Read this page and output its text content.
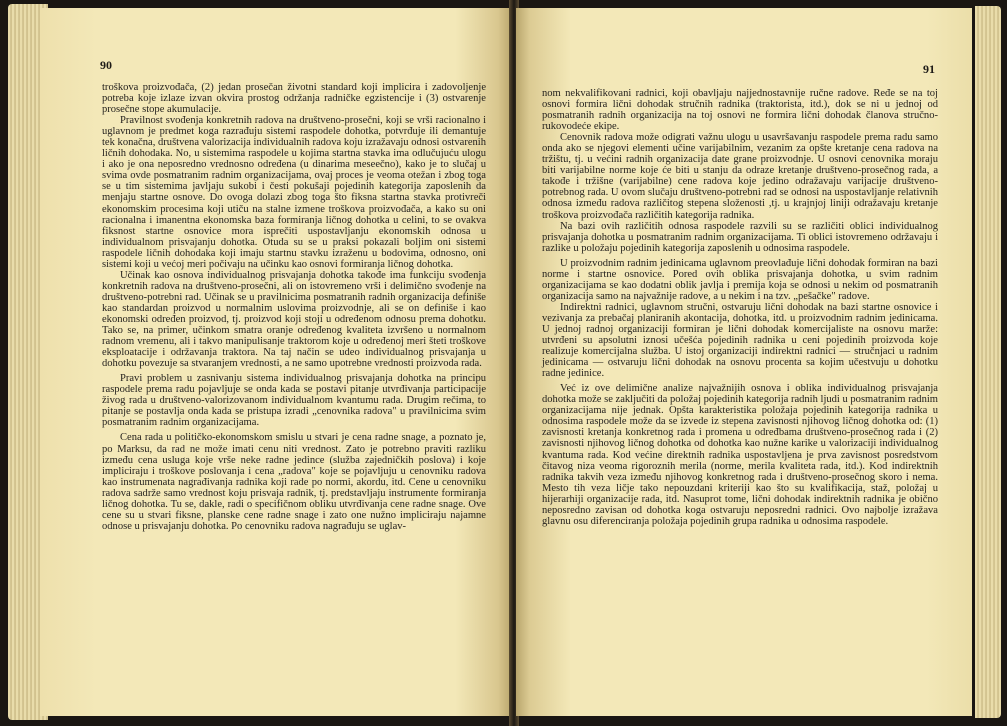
90

troškova proizvođača, (2) jedan prosečan životni standard koji implicira i zadovoljenje potreba koje izlaze izvan okvira prostog održanja radničke egzistencije i (3) ostvarenje prosečne stope akumulacije.

Pravilnost svođenja konkretnih radova na društveno-prosečni, koji se vrši racionalno i uglavnom je predmet koga razrađuju sistemi raspodele dohotka, potvrđuje ili demantuje tek konačna, društvena valorizacija individualnih radova koju izražavaju odnosi ostvarenih ličnih dohodaka. No, u sistemima raspodele u kojima startna stavka ima odlučujuću ulogu i ako je ona neposredno vrednosno određena (u dinarima meseečno), kako je to slučaj u svima ovde posmatranim radnim organizacijama, ovaj proces je veoma otežan i zbog toga se u tim sistemima javljaju sukobi i česti pokušaji pojedinih kategorija zaposlenih da menjaju startne osnove. Do ovoga dolazi zbog toga što fiksna startna stavka protivreči ekonomskim procesima koji utiču na stalne izmene troškova proizvođača, a kako su oni racionalna i imanentna ekonomska baza formiranja ličnog dohotka u celini, to se ovakva fiksnost startne osnovice mora isprečiti uspostavljanju ekonomskih odnosa u individualnom prisvajanju dohotka. Otuda su se u praksi pokazali boljim oni sistemi raspodele ličnih dohodaka koji imaju startnu stavku izraženu u bodovima, odnosno, oni sistemi koji u većoj meri počivaju na učinku kao osnovi formiranja ličnog dohotka.

Učinak kao osnova individualnog prisvajanja dohotka takođe ima funkciju svođenja konkretnih radova na društveno-prosečni, ali on istovremeno vrši i delimično svođenje na društveno-potrebni rad. Učinak se u pravilnicima posmatranih radnih organizacija definiše kao standardan proizvod u normalnim uslovima proizvodnje, ali se on definiše i kao ekonomski određen proizvod, tj. proizvod koji stoji u određenom odnosu prema dohotku. Tako se, na primer, učinkom smatra oranje određenog kvaliteta izvršeno u normalnom radnom vremenu, ali i takvo manipulisanje traktorom koje u određenoj meri šteti troškove eksploatacije i održavanja traktora. Na taj način se udeo individualnog prisvajanja u dohotku povezuje sa stvaranjem vrednosti, a ne samo upotrebne vrednosti proizvoda rada.

Pravi problem u zasnivanju sistema individualnog prisvajanja dohotka na principu raspodele prema radu pojavljuje se onda kada se postavi pitanje utvrđivanja participacije živog rada u društveno-valorizovanom individualnom kvantumu rada. Drugim rečima, to pitanje se postavlja onda kada se pristupa izradi „cenovnika radova" u pravilnicima svim posmatranim radnim organizacijama.

Cena rada u političko-ekonomskom smislu u stvari je cena radne snage, a poznato je, po Marksu, da rad ne može imati cenu niti vrednost. Zato je potrebno praviti razliku između cena usluga koje vrše neke radne jedince (služba zajedničkih poslova) i koje impliciraju i troškove poslovanja i cena „radova" koje se pojavljuju u cenovniku radova kao instrumenata nagrađivanja radnika koji rade po normi, akordu, itd. Cene u cenovniku radova sadrže samo vrednost koju prisvaja radnik, tj. predstavljaju instrumente formiranja ličnog dohotka. Tu se, dakle, radi o specifičnom obliku utvrđivanja cene radne snage. Ove cene su u stvari fiksne, planske cene radne snage i zato one nužno impliciraju najamne odnose u prisvajanju dohotka. Po cenovniku radova nagrađuju se uglav-

91

nom nekvalifikovani radnici, koji obavljaju najjednostavnije ručne radove. Ređe se na toj osnovi formira lični dohodak stručnih radnika (traktorista, itd.), dok se ni u jednoj od posmatranih radnih organizacija na toj osnovi ne formira lični dohodak članova stručno-rukovodeće ekipe.

Cenovnik radova može odigrati važnu ulogu u usavršavanju raspodele prema radu samo onda ako se njegovi elementi učine varijabilnim, vezanim za opšte kretanje cena radova na tržištu, tj. u većini radnih organizacija date grane proizvodnje. U osnovi cenovnika moraju biti varijabilne norme koje će biti u stanju da odraze kretanje društveno-prosečnog rada, a takođe i tržišne (varijabilne) cene radova koje jedino odražavaju varijacije društveno-potrebnog rada. U ovom slučaju društveno-potrebni rad se odnosi na uspostavljanje relativnih odnosa između radova različitog stepena složenosti ,tj. u krajnjoj liniji odražavaju kretanje troškova proizvođača različitih kategorija radnika.

Na bazi ovih različitih odnosa raspodele razvili su se različiti oblici individualnog prisvajanja dohotka u posmatranim radnim organizacijama. Ti oblici istovremeno održavaju i razlike u položaju pojedinih kategorija zaposlenih u odnosima raspodele.

U proizvodnim radnim jedinicama uglavnom preovlađuje lični dohodak formiran na bazi norme i startne osnovice. Pored ovih oblika prisvajanja dohotka, u svim radnim organizacijama se kao dodatni oblik javlja i premija koja se odnosi u nekim od posmatranih organizacija samo na najvažnije radove, a u nekim i na tzv. „pešačke" radove.

Indirektni radnici, uglavnom stručni, ostvaruju lični dohodak na bazi startne osnovice i vezivanja za prebačaj planiranih akontacija, dohotka, itd. u proizvodnim radnim jedinicama. U jednoj radnoj organizaciji formiran je lični dohodak komercijaliste na osnovu marže: utvrđeni su apsolutni iznosi učešća pojedinih radnika u ceni pojedinih proizvoda koje realizuje komercijalna služba. U istoj organizaciji indirektni radnici — stručnjaci u radnim jedinicama — ostvaruju lični dohodak na osnovu procenta sa kojim učestvuju u dohotku radne jedinice.

Već iz ove delimične analize najvažnijih osnova i oblika individualnog prisvajanja dohotka može se zaključiti da položaj pojedinih kategorija radnih ljudi u posmatranim radnim organizacijama nije jednak. Opšta karakteristika položaja pojedinih kategorija radnika u odnosima raspodele može da se izvede iz stepena zavisnosti njihovog ličnog dohotka od: (1) zavisnosti kretanja konkretnog rada i promena u određbama društveno-prosečnog rada i (2) zavisnosti njihovog ličnog dohotka od dohotka kao nužne karike u valorizaciji individualnog kvantuma rada. Kod većine direktnih radnika uspostavljena je prva zavisnost posredstvom čitavog niza veoma rigoroznih merila (norme, merila kvaliteta rada, itd.). Kod indirektnih radnika takvih veza između njihovog konkretnog rada i društveno-prosečnog skoro i nema. Mesto tih veza ličje tako nepouzdani kriteriji kao što su kvalifikacija, staž, položaj u hijerarhiji organizacije rada, itd. Nasuprot tome, lični dohodak indirektnih radnika je obično neposredno zavisan od dohotka koga ostvaruju neposredni radnici. Ovo najbolje izražava glavnu osu diferenciranja položaja pojedinih grupa radnika u odnosima raspodele.
